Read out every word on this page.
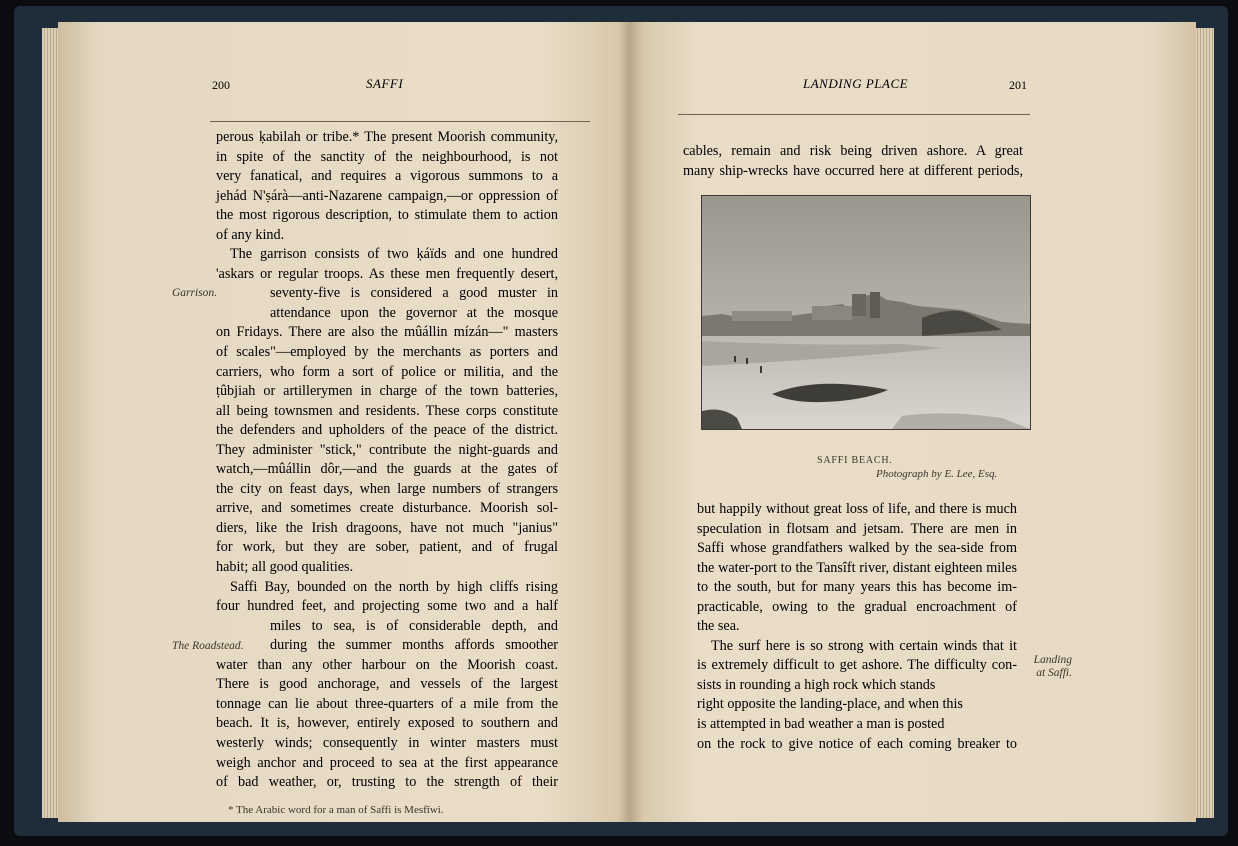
200	SAFFI
perous ḳabilah or tribe.* The present Moorish community,
in spite of the sanctity of the neighbourhood, is not
very fanatical, and requires a vigorous summons to a
jehád N'ṣárà—anti-Nazarene campaign,—or oppression of
the most rigorous description, to stimulate them to action
of any kind.
The garrison consists of two ḳáïds and one hundred
'askars or regular troops. As these men frequently desert,
seventy-five is considered a good muster in
attendance upon the governor at the mosque
on Fridays. There are also the mûállin mízán—" masters
of scales"—employed by the merchants as porters and
carriers, who form a sort of police or militia, and the
ṭûbjiah or artillerymen in charge of the town batteries,
all being townsmen and residents. These corps constitute
the defenders and upholders of the peace of the district.
They administer "stick," contribute the night-guards and
watch,—mûállin dôr,—and the guards at the gates of
the city on feast days, when large numbers of strangers
arrive, and sometimes create disturbance. Moorish sol-
diers, like the Irish dragoons, have not much "janius"
for work, but they are sober, patient, and of frugal
habit; all good qualities.
Saffi Bay, bounded on the north by high cliffs rising
four hundred feet, and projecting some two and a half
miles to sea, is of considerable depth, and
during the summer months affords smoother
water than any other harbour on the Moorish coast.
There is good anchorage, and vessels of the largest
tonnage can lie about three-quarters of a mile from the
beach. It is, however, entirely exposed to southern and
westerly winds; consequently in winter masters must
weigh anchor and proceed to sea at the first appearance
of bad weather, or, trusting to the strength of their
Garrison.
The Roadstead.
* The Arabic word for a man of Saffi is Mesfîwi.
LANDING PLACE	201
cables, remain and risk being driven ashore. A great
many ship-wrecks have occurred here at different periods,
SAFFI BEACH.
Photograph by E. Lee, Esq.
but happily without great loss of life, and there is much
speculation in flotsam and jetsam. There are men in
Saffi whose grandfathers walked by the sea-side from
the water-port to the Tansîft river, distant eighteen miles
to the south, but for many years this has become im-
practicable, owing to the gradual encroachment of
the sea.
The surf here is so strong with certain winds that it
is extremely difficult to get ashore. The difficulty con-
sists in rounding a high rock which stands
right opposite the landing-place, and when this
is attempted in bad weather a man is posted
on the rock to give notice of each coming breaker to
Landing
at Saffi.
